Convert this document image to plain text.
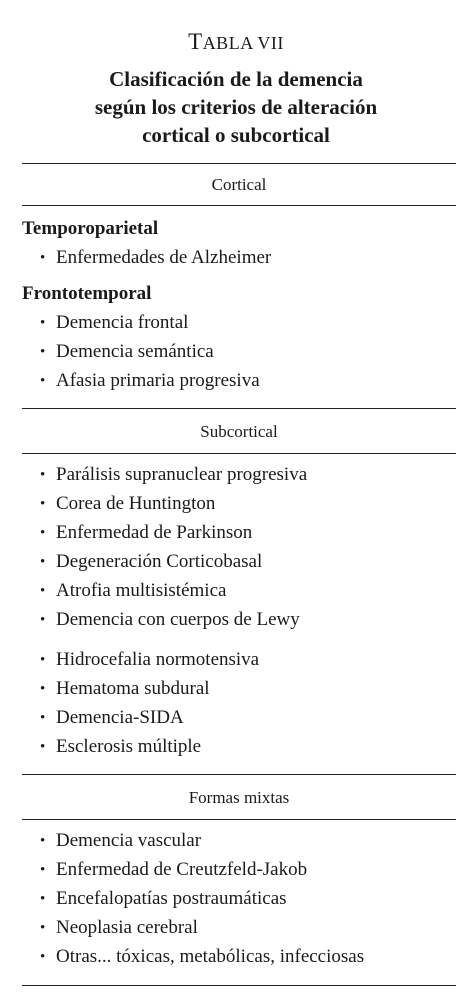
TABLA VII
Clasificación de la demencia
según los criterios de alteración
cortical o subcortical
Cortical
Temporoparietal
• Enfermedades de Alzheimer
Frontotemporal
• Demencia frontal
• Demencia semántica
• Afasia primaria progresiva
Subcortical
• Parálisis supranuclear progresiva
• Corea de Huntington
• Enfermedad de Parkinson
• Degeneración Corticobasal
• Atrofia multisistémica
• Demencia con cuerpos de Lewy
• Hidrocefalia normotensiva
• Hematoma subdural
• Demencia-SIDA
• Esclerosis múltiple
Formas mixtas
• Demencia vascular
• Enfermedad de Creutzfeld-Jakob
• Encefalopatías postraumáticas
• Neoplasia cerebral
• Otras... tóxicas, metabólicas, infecciosas
